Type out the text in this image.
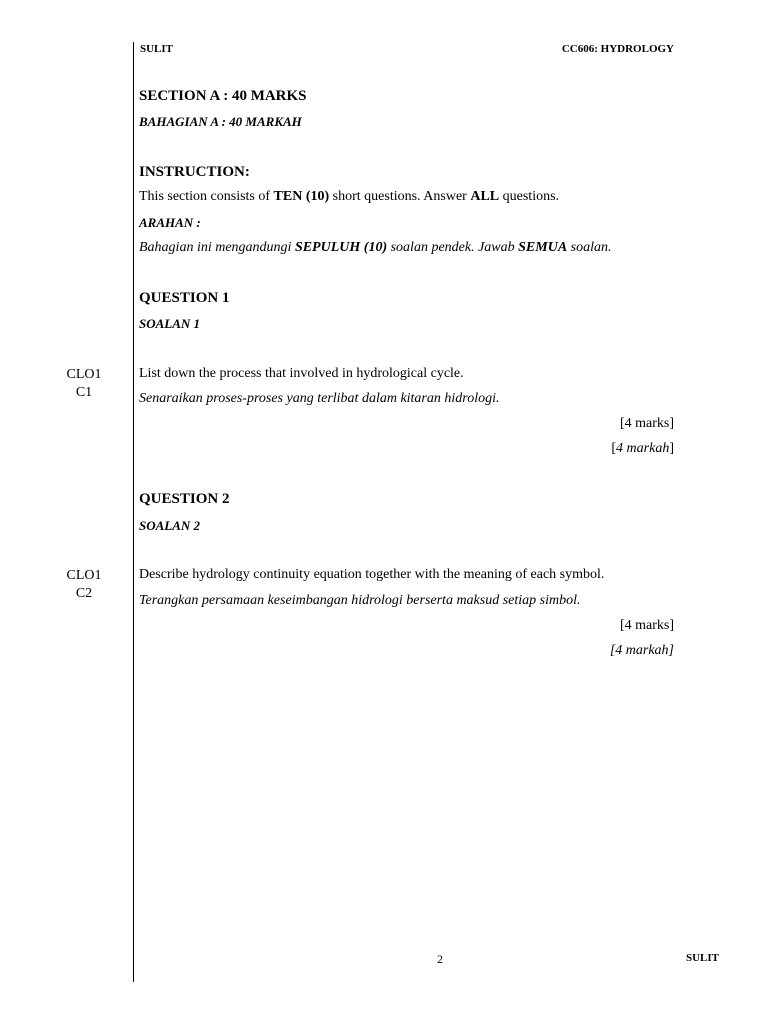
SULIT	CC606: HYDROLOGY
SECTION A : 40 MARKS
BAHAGIAN A : 40 MARKAH
INSTRUCTION:
This section consists of TEN (10) short questions. Answer ALL questions.
ARAHAN :
Bahagian ini mengandungi SEPULUH (10) soalan pendek. Jawab SEMUA soalan.
QUESTION 1
SOALAN 1
CLO1
C1
List down the process that involved in hydrological cycle.
Senaraikan proses-proses yang terlibat dalam kitaran hidrologi.
[4 marks]
[4 markah]
QUESTION 2
SOALAN 2
CLO1
C2
Describe hydrology continuity equation together with the meaning of each symbol.
Terangkan persamaan keseimbangan hidrologi berserta maksud setiap simbol.
[4 marks]
[4 markah]
2	SULIT
